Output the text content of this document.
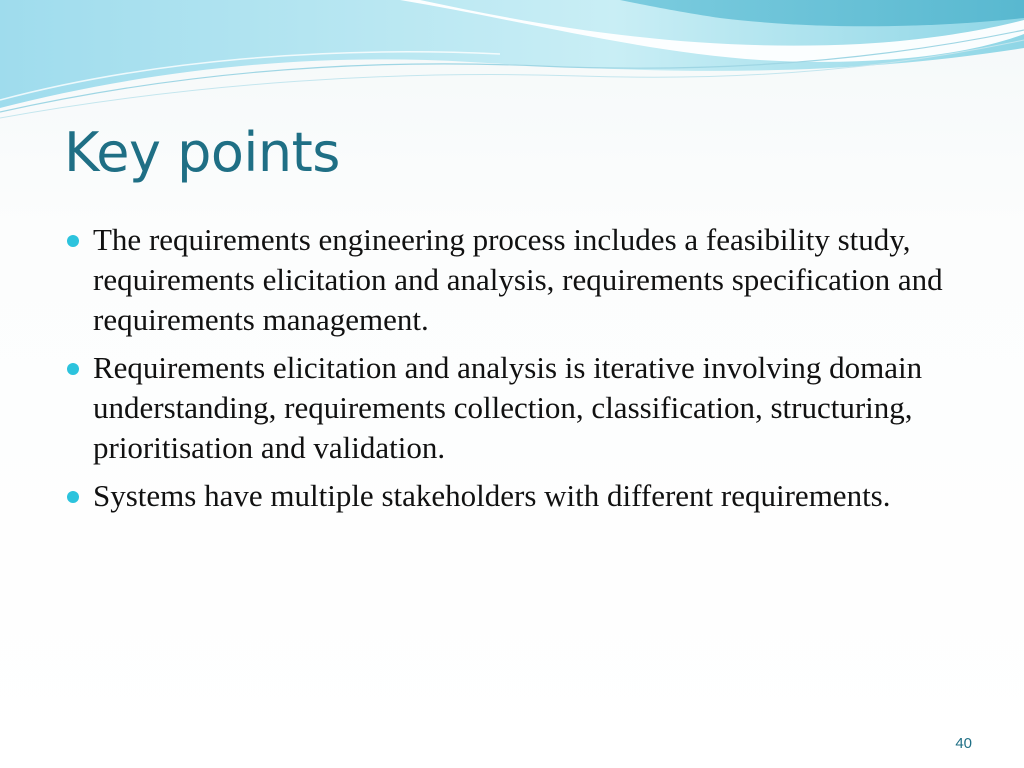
Key points
The requirements engineering process includes a feasibility study, requirements elicitation and analysis, requirements specification and requirements management.
Requirements elicitation and analysis is iterative involving domain understanding, requirements collection, classification, structuring, prioritisation and validation.
Systems have multiple stakeholders with different requirements.
40
